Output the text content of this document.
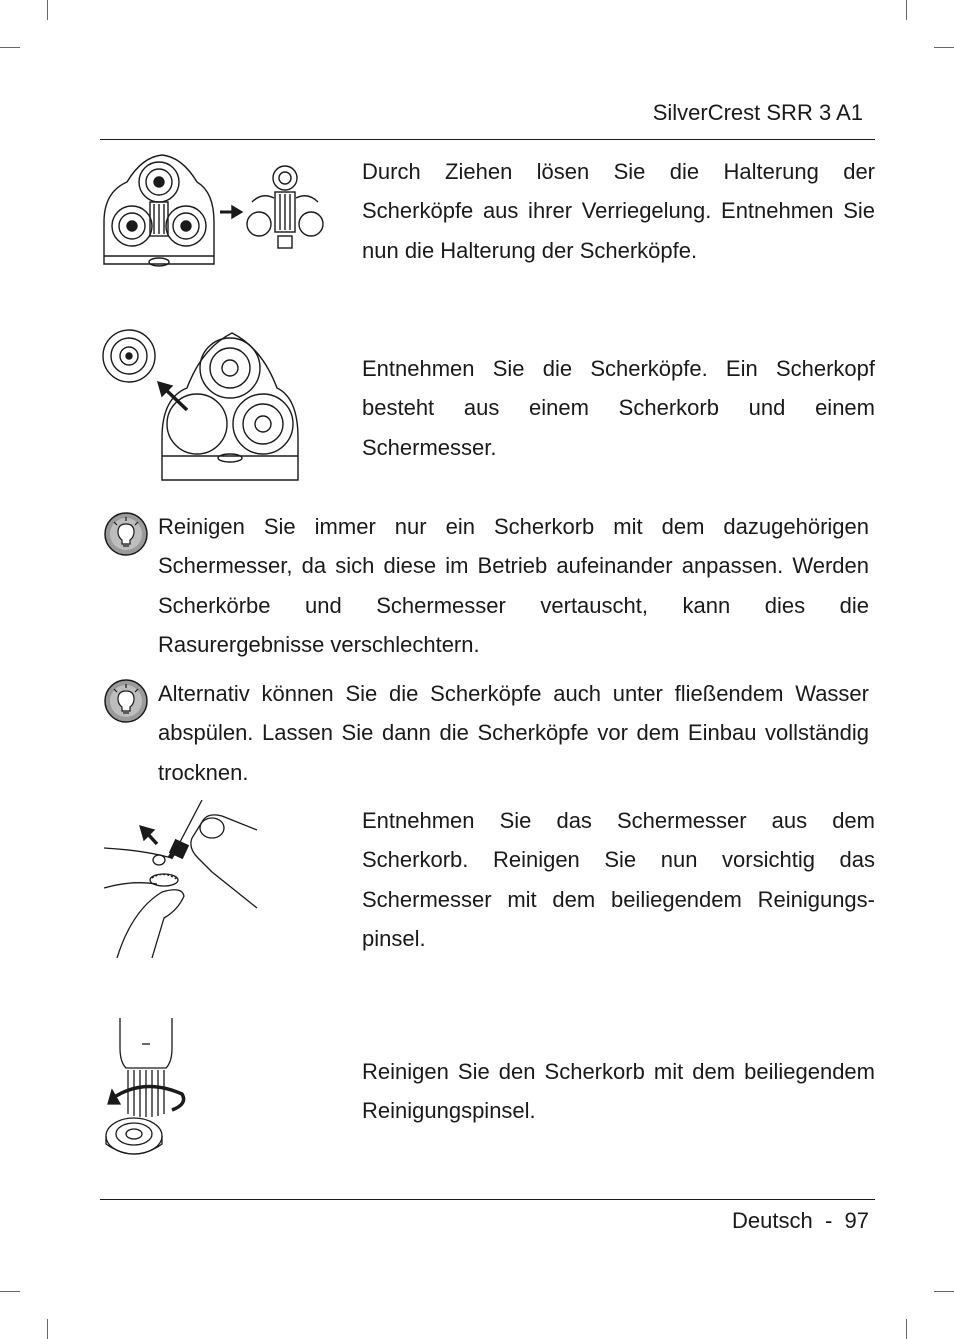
SilverCrest SRR 3 A1

Durch Ziehen lösen Sie die Halterung der Scherköpfe aus ihrer Verriegelung. Entnehmen Sie nun die Halterung der Scherköpfe.

Entnehmen Sie die Scherköpfe. Ein Scherkopf besteht aus einem Scherkorb und einem Schermesser.

Reinigen Sie immer nur ein Scherkorb mit dem dazugehörigen Schermesser, da sich diese im Betrieb aufeinander anpassen. Werden Scherkörbe und Schermesser vertauscht, kann dies die Rasurergebnisse verschlechtern.

Alternativ können Sie die Scherköpfe auch unter fließendem Wasser abspülen. Lassen Sie dann die Scherköpfe vor dem Einbau vollständig trocknen.

Entnehmen Sie das Schermesser aus dem Scherkorb. Reinigen Sie nun vorsichtig das Schermesser mit dem beiliegendem Reinigungs-pinsel.

Reinigen Sie den Scherkorb mit dem beiliegendem Reinigungspinsel.

Deutsch - 97
